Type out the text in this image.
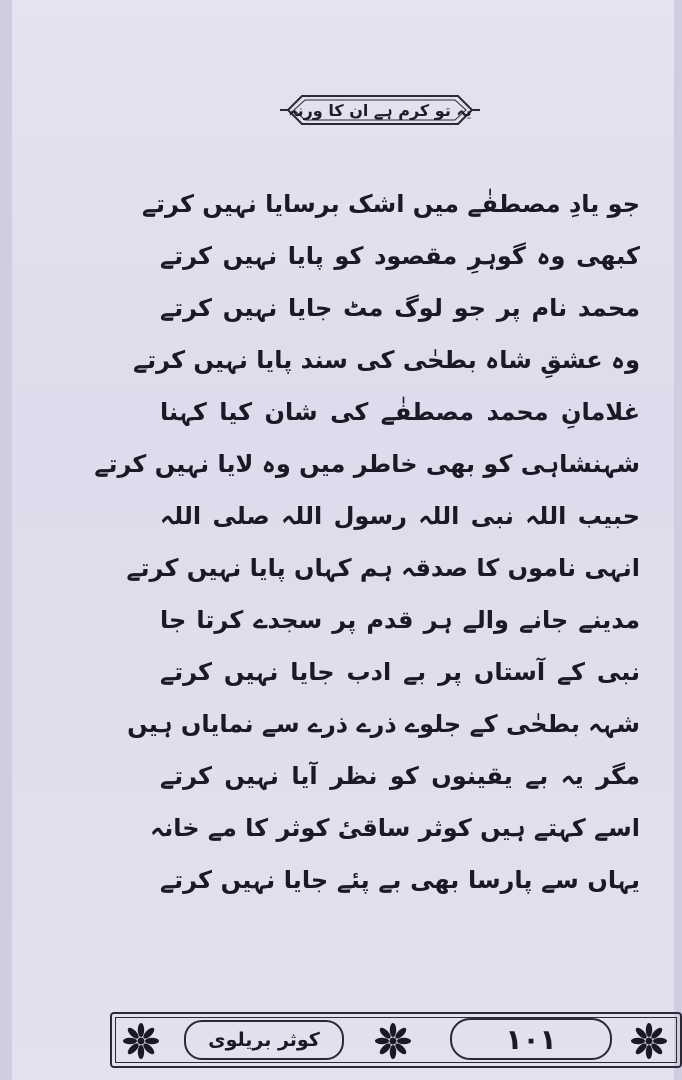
یہ تو کرم ہے ان کا ورنہ
جو یادِ مصطفٰے میں اشک برسایا نہیں کرتے
کبھی وہ گوہرِ مقصود کو پایا نہیں کرتے
محمد نام پر جو لوگ مٹ جایا نہیں کرتے
وہ عشقِ شاہ بطحٰی کی سند پایا نہیں کرتے
غلامانِ محمد مصطفٰے کی شان کیا کہنا
شہنشاہی کو بھی خاطر میں وہ لایا نہیں کرتے
حبیب اللہ نبی اللہ رسول اللہ صلی اللہ
انہی ناموں کا صدقہ ہم کہاں پایا نہیں کرتے
مدینے جانے والے ہر قدم پر سجدے کرتا جا
نبی کے آستاں پر بے ادب جایا نہیں کرتے
شہہ بطحٰی کے جلوے ذرے ذرے سے نمایاں ہیں
مگر یہ بے یقینوں کو نظر آیا نہیں کرتے
اسے کہتے ہیں کوثر ساقیٔ کوثر کا مے خانہ
یہاں سے پارسا بھی بے پئے جایا نہیں کرتے
کوثر بریلوی	١٠١
